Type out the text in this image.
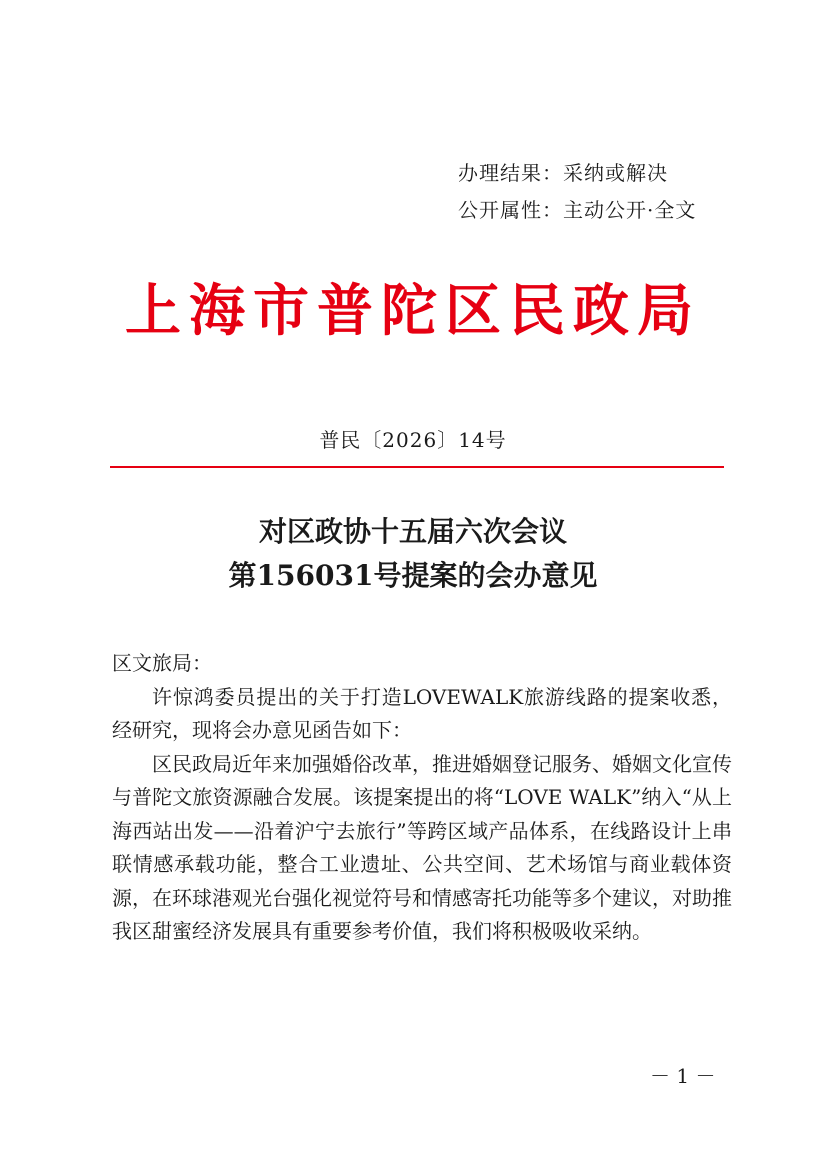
办理结果：采纳或解决
公开属性：主动公开·全文
上海市普陀区民政局
普民〔2026〕14号
对区政协十五届六次会议
第156031号提案的会办意见

区文旅局：

许惊鸿委员提出的关于打造LOVEWALK旅游线路的提案收悉，经研究，现将会办意见函告如下：

区民政局近年来加强婚俗改革，推进婚姻登记服务、婚姻文化宣传与普陀文旅资源融合发展。该提案提出的将“LOVE WALK”纳入“从上海西站出发——沿着沪宁去旅行”等跨区域产品体系，在线路设计上串联情感承载功能，整合工业遗址、公共空间、艺术场馆与商业载体资源，在环球港观光台强化视觉符号和情感寄托功能等多个建议，对助推我区甜蜜经济发展具有重要参考价值，我们将积极吸收采纳。

－ 1 －
